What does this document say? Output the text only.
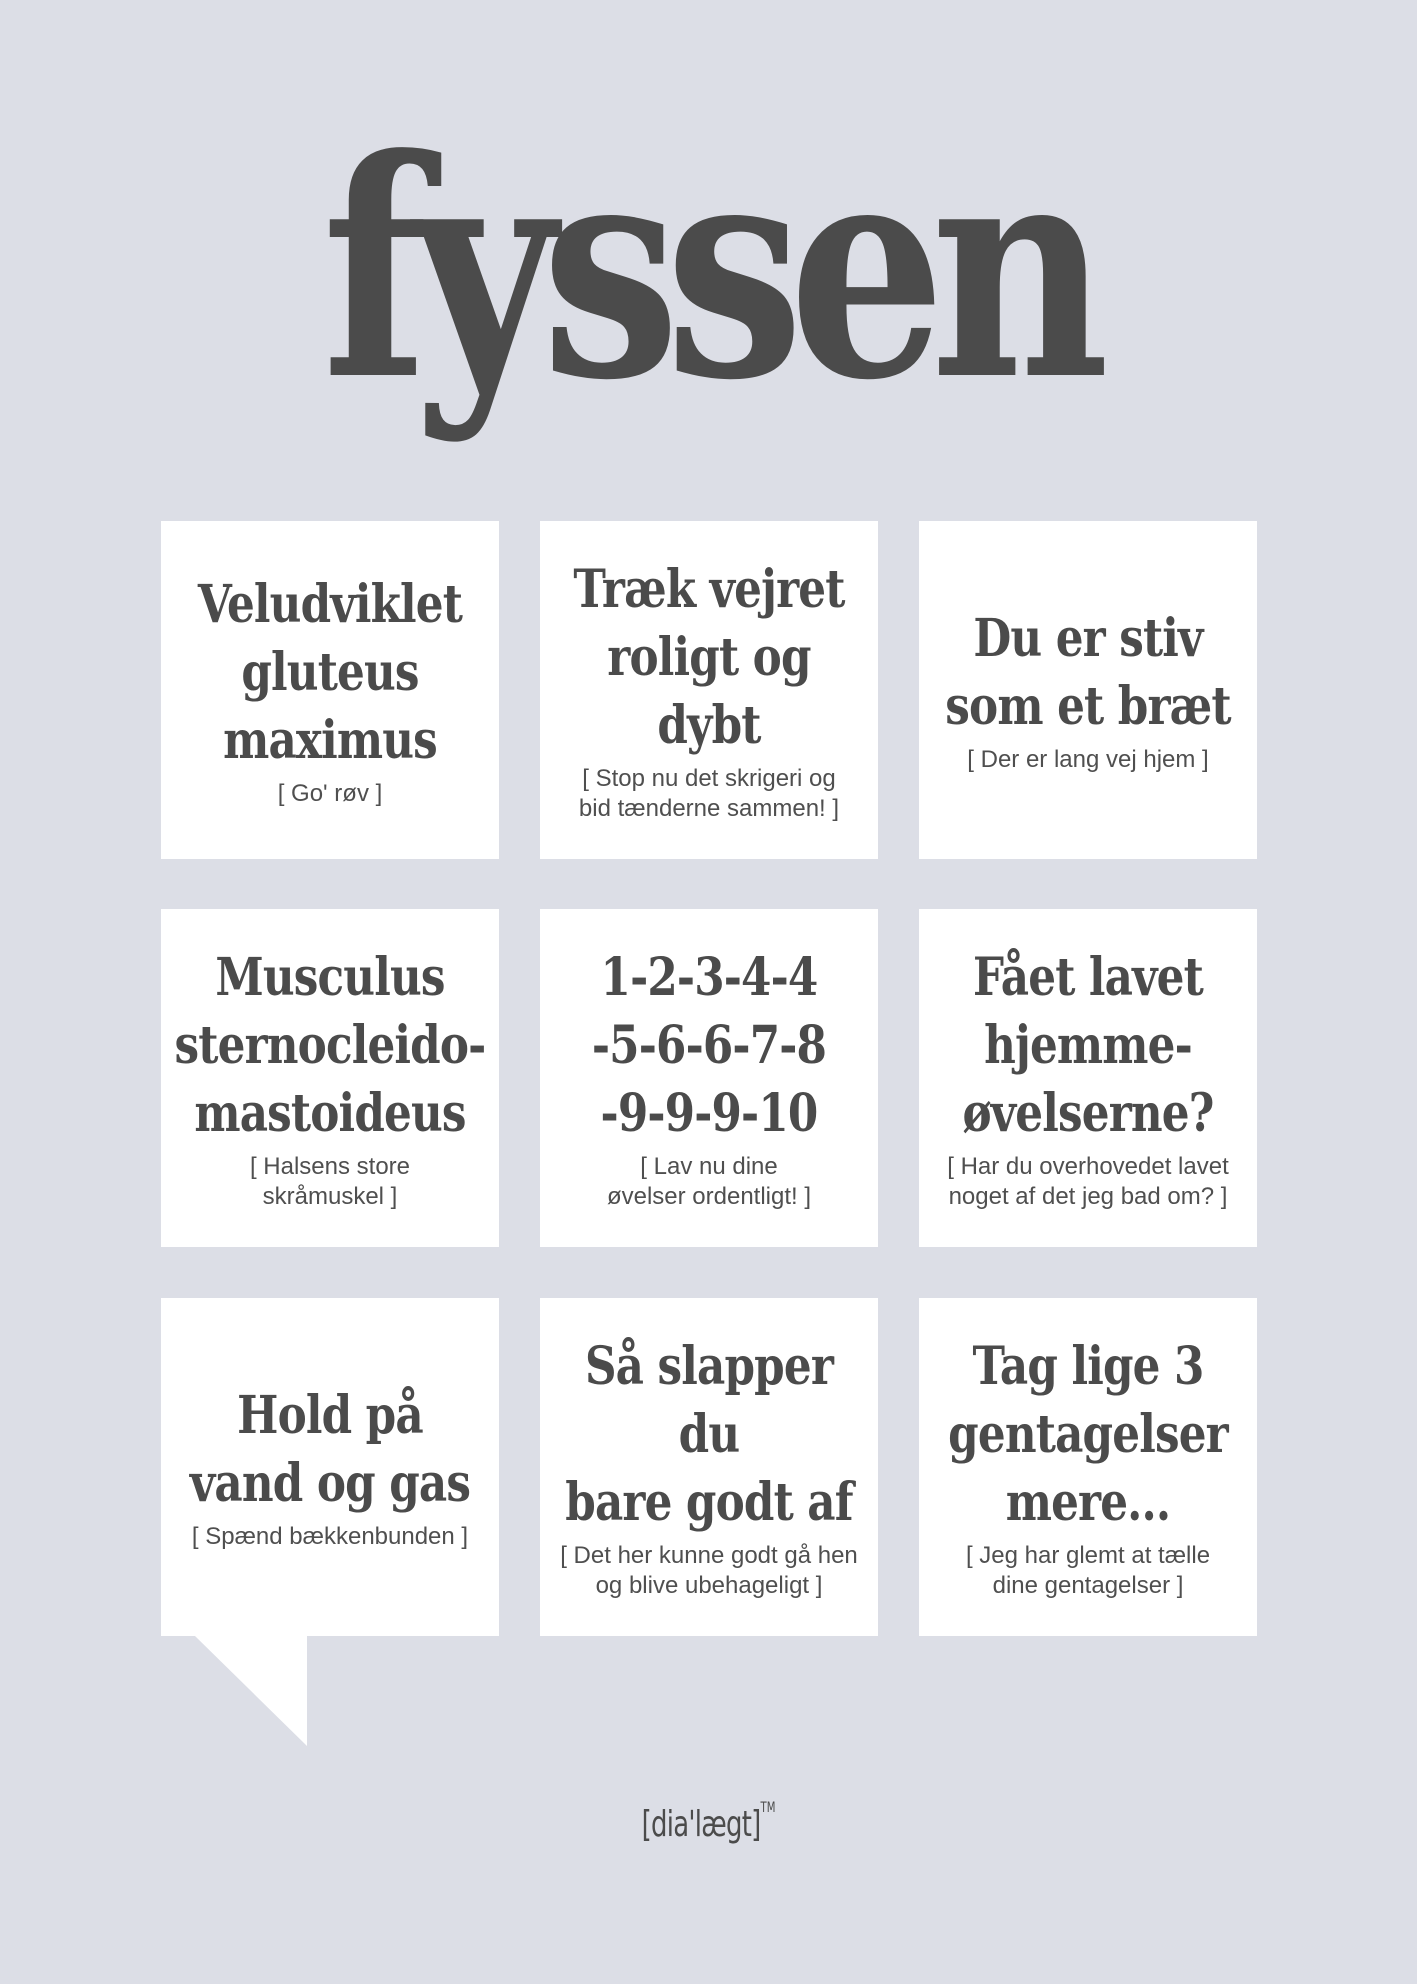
fyssen
Veludviklet
gluteus
maximus
[ Go' røv ]
Træk vejret
roligt og dybt
[ Stop nu det skrigeri og
bid tænderne sammen! ]
Du er stiv
som et bræt
[ Der er lang vej hjem ]
Musculus
sternocleido-
mastoideus
[ Halsens store
skråmuskel ]
1-2-3-4-4
-5-6-6-7-8
-9-9-9-10
[ Lav nu dine
øvelser ordentligt! ]
Fået lavet
hjemme-
øvelserne?
[ Har du overhovedet lavet
noget af det jeg bad om? ]
Hold på
vand og gas
[ Spænd bækkenbunden ]
Så slapper du
bare godt af
[ Det her kunne godt gå hen
og blive ubehageligt ]
Tag lige 3
gentagelser
mere...
[ Jeg har glemt at tælle
dine gentagelser ]
[dia'lægt]™
